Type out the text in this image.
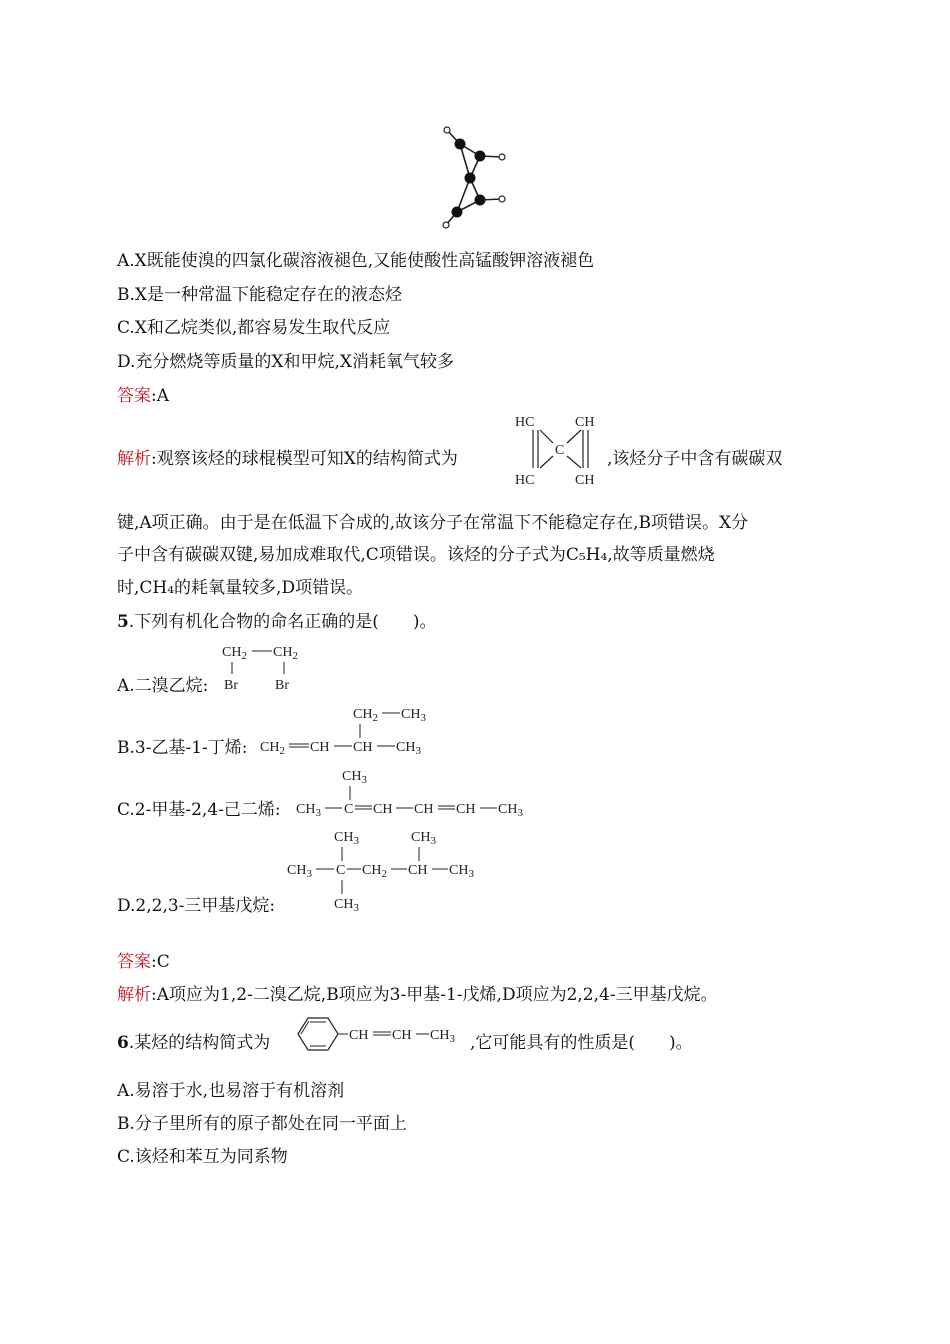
A.X既能使溴的四氯化碳溶液褪色,又能使酸性高锰酸钾溶液褪色
B.X是一种常温下能稳定存在的液态烃
C.X和乙烷类似,都容易发生取代反应
D.充分燃烧等质量的X和甲烷,X消耗氧气较多
答案:A
解析:观察该烃的球棍模型可知X的结构简式为	,该烃分子中含有碳碳双
HC	CH
C
HC	CH
键,A项正确。由于是在低温下合成的,故该分子在常温下不能稳定存在,B项错误。X分
子中含有碳碳双键,易加成难取代,C项错误。该烃的分子式为C₅H₄,故等质量燃烧
时,CH₄的耗氧量较多,D项错误。
5.下列有机化合物的命名正确的是(　　)。
A.二溴乙烷:
$CH_2$ $CH_2$
Br	Br
B.3-乙基-1-丁烯:
$CH_2$ $CH_3$
$CH_2$ CH CH $CH_3$
C.2-甲基-2,4-己二烯:
$CH_3$
$CH_3$ C CH CH CH $CH_3$
D.2,2,3-三甲基戊烷:
$CH_3$	$CH_3$
$CH_3$ C $CH_2$ CH $CH_3$
$CH_3$
答案:C
解析:A项应为1,2-二溴乙烷,B项应为3-甲基-1-戊烯,D项应为2,2,4-三甲基戊烷。
6.某烃的结构简式为	CH CH $CH_3$ ,它可能具有的性质是(　　)。
A.易溶于水,也易溶于有机溶剂
B.分子里所有的原子都处在同一平面上
C.该烃和苯互为同系物
